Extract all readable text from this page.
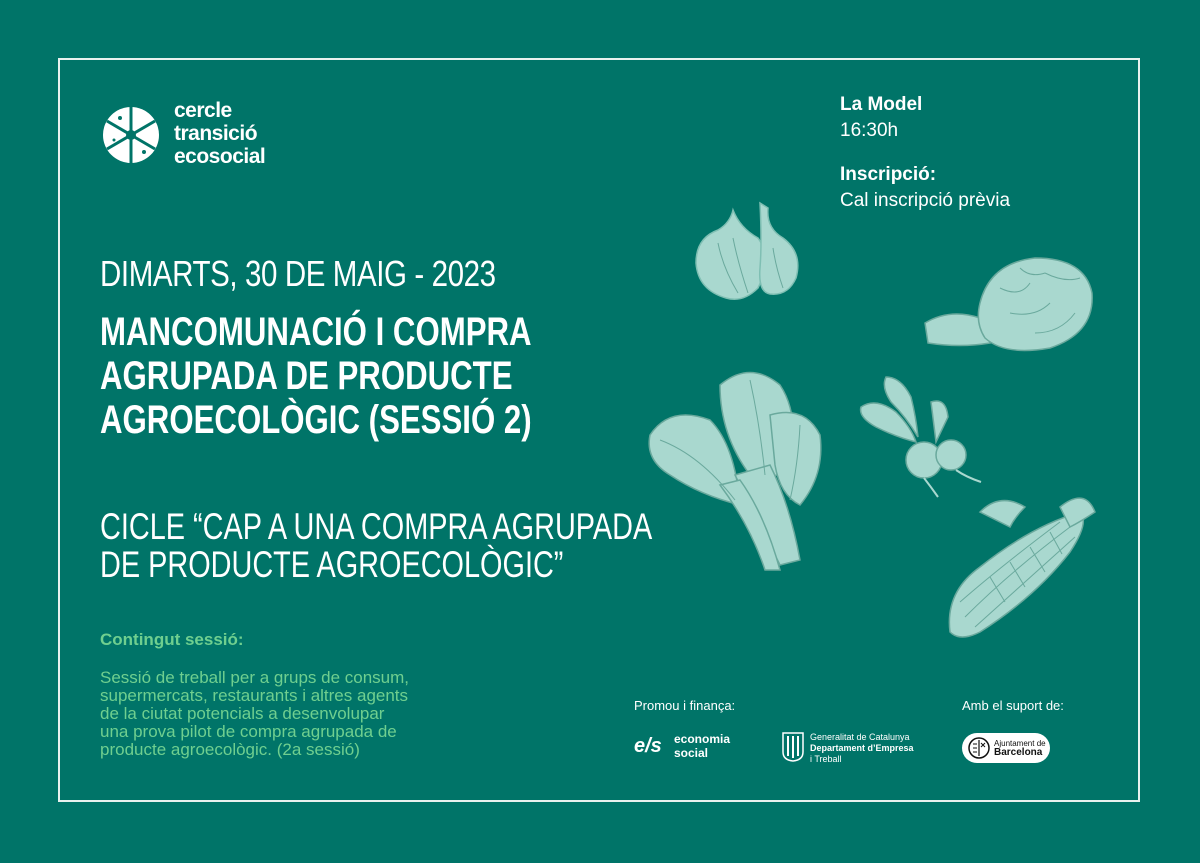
cercle
transició
ecosocial
La Model
16:30h
Inscripció:
Cal inscripció prèvia
DIMARTS, 30 DE MAIG - 2023
MANCOMUNACIÓ I COMPRA
AGRUPADA DE PRODUCTE
AGROECOLÒGIC (SESSIÓ 2)
CICLE “CAP A UNA COMPRA AGRUPADA
DE PRODUCTE AGROECOLÒGIC”
Contingut sessió:
Sessió de treball per a grups de consum,
supermercats, restaurants i altres agents
de la ciutat potencials a desenvolupar
una prova pilot de compra agrupada de
producte agroecològic. (2a sessió)
Promou i finança:	Amb el suport de:
e/s	economia
social
Generalitat de Catalunya
Departament d’Empresa
i Treball
Ajuntament de
Barcelona
